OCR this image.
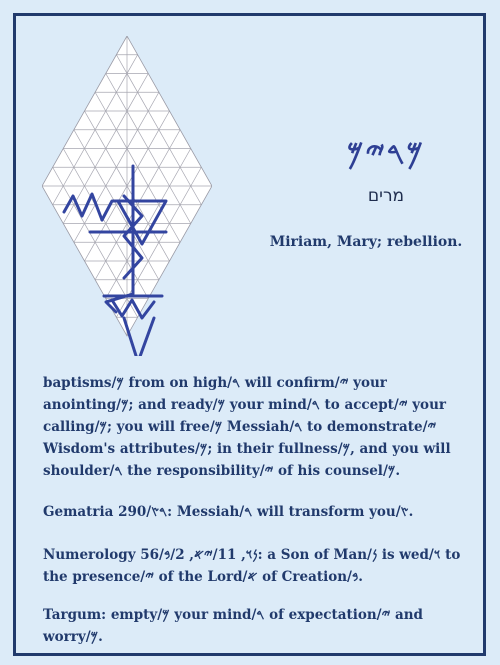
𐤌𐤓𐤉𐤌
מרים
Miriam, Mary; rebellion.

baptisms/𐤌 from on high/𐤓 will confirm/𐤉 your anointing/𐤌; and ready/𐤌 your mind/𐤓 to accept/𐤉 your calling/𐤌; you will free/𐤌 Messiah/𐤓 to demonstrate/𐤉 Wisdom's attributes/𐤌; in their fullness/𐤌, and you will shoulder/𐤓 the responsibility/𐤉 of his counsel/𐤌.

Gematria 290/𐤓𐤑: Messiah/𐤓 will transform you/𐤑.

Numerology 56/𐤍𐤅, 11/𐤉𐤀, 2/𐤁: a Son of Man/𐤍 is wed/𐤅 to the presence/𐤉 of the Lord/𐤀 of Creation/𐤁.

Targum: empty/𐤌 your mind/𐤓 of expectation/𐤉 and worry/𐤌.
